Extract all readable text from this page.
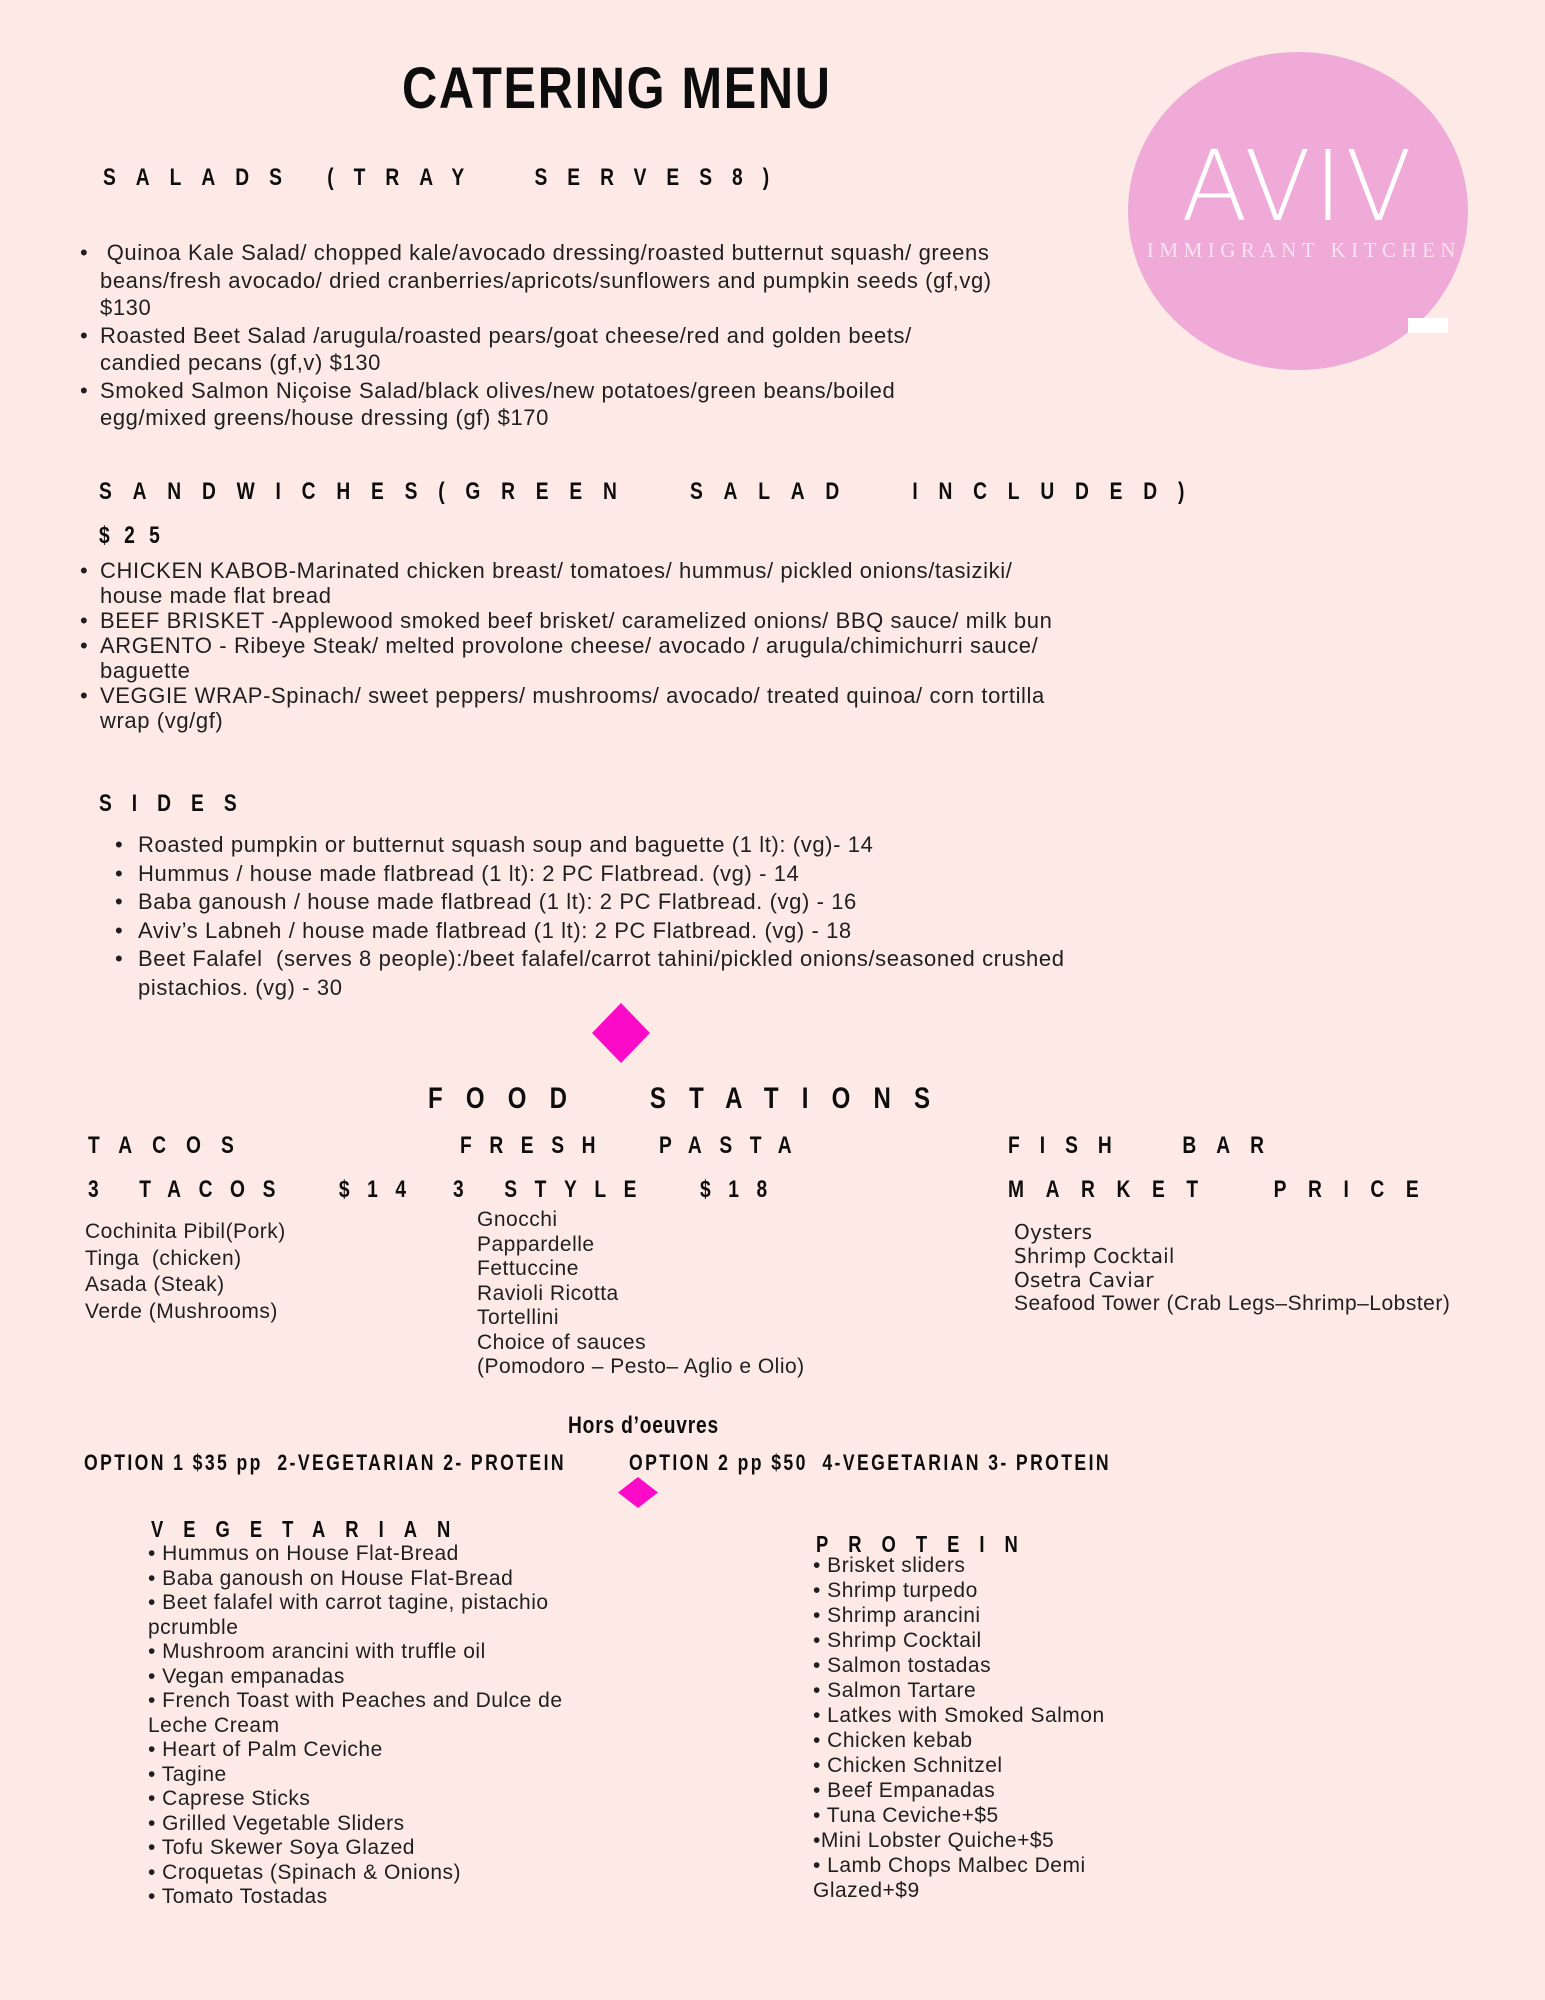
CATERING MENU
AVIV
IMMIGRANT KITCHEN
SALADS (TRAY  SERVES8)
•  Quinoa Kale Salad/ chopped kale/avocado dressing/roasted butternut squash/ greens
beans/fresh avocado/ dried cranberries/apricots/sunflowers and pumpkin seeds (gf,vg)
$130
• Roasted Beet Salad /arugula/roasted pears/goat cheese/red and golden beets/
candied pecans (gf,v) $130
• Smoked Salmon Niçoise Salad/black olives/new potatoes/green beans/boiled
egg/mixed greens/house dressing (gf) $170
SANDWICHES(GREEN  SALAD  INCLUDED)
$25
• CHICKEN KABOB-Marinated chicken breast/ tomatoes/ hummus/ pickled onions/tasiziki/
house made flat bread
• BEEF BRISKET -Applewood smoked beef brisket/ caramelized onions/ BBQ sauce/ milk bun
• ARGENTO - Ribeye Steak/ melted provolone cheese/ avocado / arugula/chimichurri sauce/
baguette
• VEGGIE WRAP-Spinach/ sweet peppers/ mushrooms/ avocado/ treated quinoa/ corn tortilla
wrap (vg/gf)
SIDES
• Roasted pumpkin or butternut squash soup and baguette (1 lt): (vg)- 14
• Hummus / house made flatbread (1 lt): 2 PC Flatbread. (vg) - 14
• Baba ganoush / house made flatbread (1 lt): 2 PC Flatbread. (vg) - 16
• Aviv’s Labneh / house made flatbread (1 lt): 2 PC Flatbread. (vg) - 18
• Beet Falafel  (serves 8 people):/beet falafel/carrot tahini/pickled onions/seasoned crushed
pistachios. (vg) - 30
FOOD  STATIONS
TACOS
3 TACOS  $14
Cochinita Pibil(Pork)
Tinga  (chicken)
Asada (Steak)
Verde (Mushrooms)
FRESH  PASTA
3 STYLE  $18
Gnocchi
Pappardelle
Fettuccine
Ravioli Ricotta
Tortellini
Choice of sauces
(Pomodoro – Pesto– Aglio e Olio)
FISH  BAR
MARKET  PRICE
Oysters
Shrimp Cocktail
Osetra Caviar
Seafood Tower (Crab Legs–Shrimp–Lobster)
Hors d’oeuvres
OPTION 1 $35 pp  2-VEGETARIAN 2- PROTEIN	OPTION 2 pp $50  4-VEGETARIAN 3- PROTEIN
VEGETARIAN
• Hummus on House Flat-Bread
• Baba ganoush on House Flat-Bread
• Beet falafel with carrot tagine, pistachio
pcrumble
• Mushroom arancini with truffle oil
• Vegan empanadas
• French Toast with Peaches and Dulce de
Leche Cream
• Heart of Palm Ceviche
• Tagine
• Caprese Sticks
• Grilled Vegetable Sliders
• Tofu Skewer Soya Glazed
• Croquetas (Spinach & Onions)
• Tomato Tostadas
PROTEIN
• Brisket sliders
• Shrimp turpedo
• Shrimp arancini
• Shrimp Cocktail
• Salmon tostadas
• Salmon Tartare
• Latkes with Smoked Salmon
• Chicken kebab
• Chicken Schnitzel
• Beef Empanadas
• Tuna Ceviche+$5
•Mini Lobster Quiche+$5
• Lamb Chops Malbec Demi
Glazed+$9
